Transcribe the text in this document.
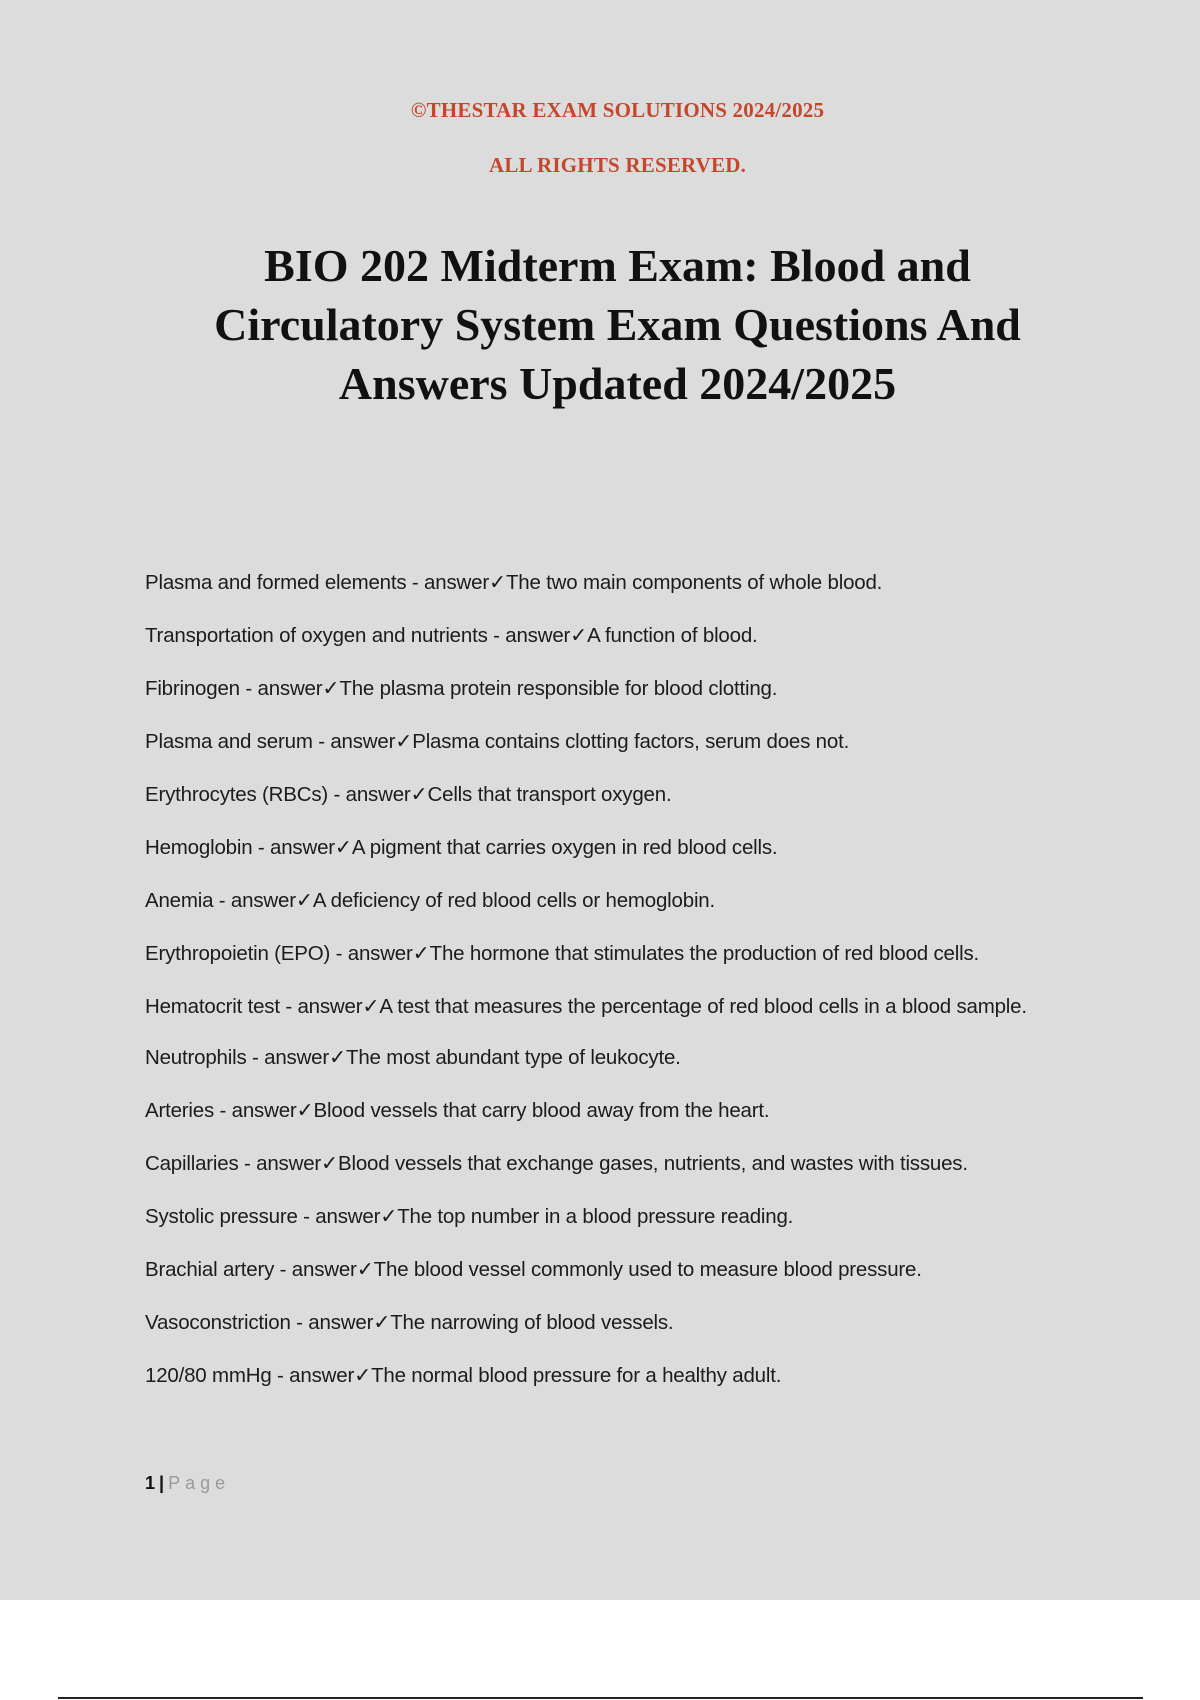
©THESTAR EXAM SOLUTIONS 2024/2025

ALL RIGHTS RESERVED.

BIO 202 Midterm Exam: Blood and Circulatory System Exam Questions And Answers Updated 2024/2025
Plasma and formed elements - answer✓The two main components of whole blood.
Transportation of oxygen and nutrients - answer✓A function of blood.
Fibrinogen - answer✓The plasma protein responsible for blood clotting.
Plasma and serum - answer✓Plasma contains clotting factors, serum does not.
Erythrocytes (RBCs) - answer✓Cells that transport oxygen.
Hemoglobin - answer✓A pigment that carries oxygen in red blood cells.
Anemia - answer✓A deficiency of red blood cells or hemoglobin.
Erythropoietin (EPO) - answer✓The hormone that stimulates the production of red blood cells.
Hematocrit test - answer✓A test that measures the percentage of red blood cells in a blood sample.
Neutrophils - answer✓The most abundant type of leukocyte.
Arteries - answer✓Blood vessels that carry blood away from the heart.
Capillaries - answer✓Blood vessels that exchange gases, nutrients, and wastes with tissues.
Systolic pressure - answer✓The top number in a blood pressure reading.
Brachial artery - answer✓The blood vessel commonly used to measure blood pressure.
Vasoconstriction - answer✓The narrowing of blood vessels.
120/80 mmHg - answer✓The normal blood pressure for a healthy adult.
1 | Page
